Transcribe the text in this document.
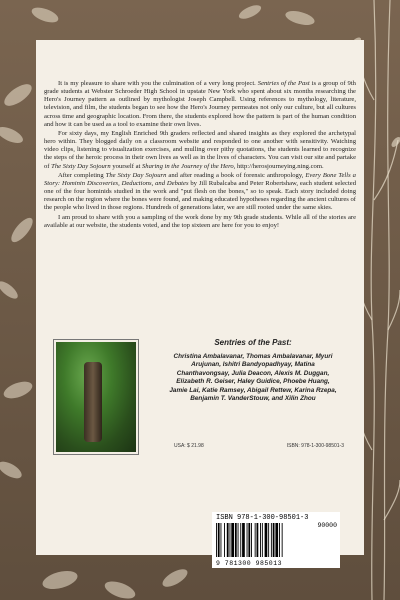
It is my pleasure to share with you the culmination of a very long project. Sentries of the Past is a group of 9th grade students at Webster Schroeder High School in upstate New York who spent about six months researching the Hero's Journey pattern as outlined by mythologist Joseph Campbell. Using references to mythology, literature, television, and film, the students began to see how the Hero's Journey permeates not only our culture, but all cultures across time and geographic location. From there, the students explored how the pattern is part of the human condition and how it can be used as a tool to examine their own lives.

For sixty days, my English Enriched 9th graders reflected and shared insights as they explored the archetypal hero within. They blogged daily on a classroom website and responded to one another with sensitivity. Watching video clips, listening to visualization exercises, and mulling over pithy quotations, the students learned to recognize the steps of the heroic process in their own lives as well as in the lives of characters. You can visit our site and partake of The Sixty Day Sojourn yourself at Sharing in the Journey of the Hero, http://herosjourneying.ning.com.

After completing The Sixty Day Sojourn and after reading a book of forensic anthropology, Every Bone Tells a Story: Hominin Discoveries, Deductions, and Debates by Jill Rubalcaba and Peter Robertshaw, each student selected one of the four hominids studied in the work and "put flesh on the bones," so to speak. Each story included doing research on the region where the bones were found, and making educated hypotheses regarding the ancient cultures of the people who lived in those regions. Hundreds of generations later, we are still rooted under the same skies.

I am proud to share with you a sampling of the work done by my 9th grade students. While all of the stories are available at our website, the students voted, and the top sixteen are here for you to enjoy!

Sentries of the Past:
Christina Ambalavanar, Thomas Ambalavanar, Myuri Arujunan, Ishitri Bandyopadhyay, Matina Chanthavongsay, Julia Deacon, Alexis M. Duggan, Elizabeth R. Geiser, Haley Guidice, Phoebe Huang, Jamie Lai, Katie Ramsey, Abigail Rettew, Karina Rzepa, Benjamin T. VanderStouw, and Xilin Zhou
USA: $ 21.98	ISBN: 978-1-300-98501-3
ISBN 978-1-300-98501-3
90000
9 781300 985013
